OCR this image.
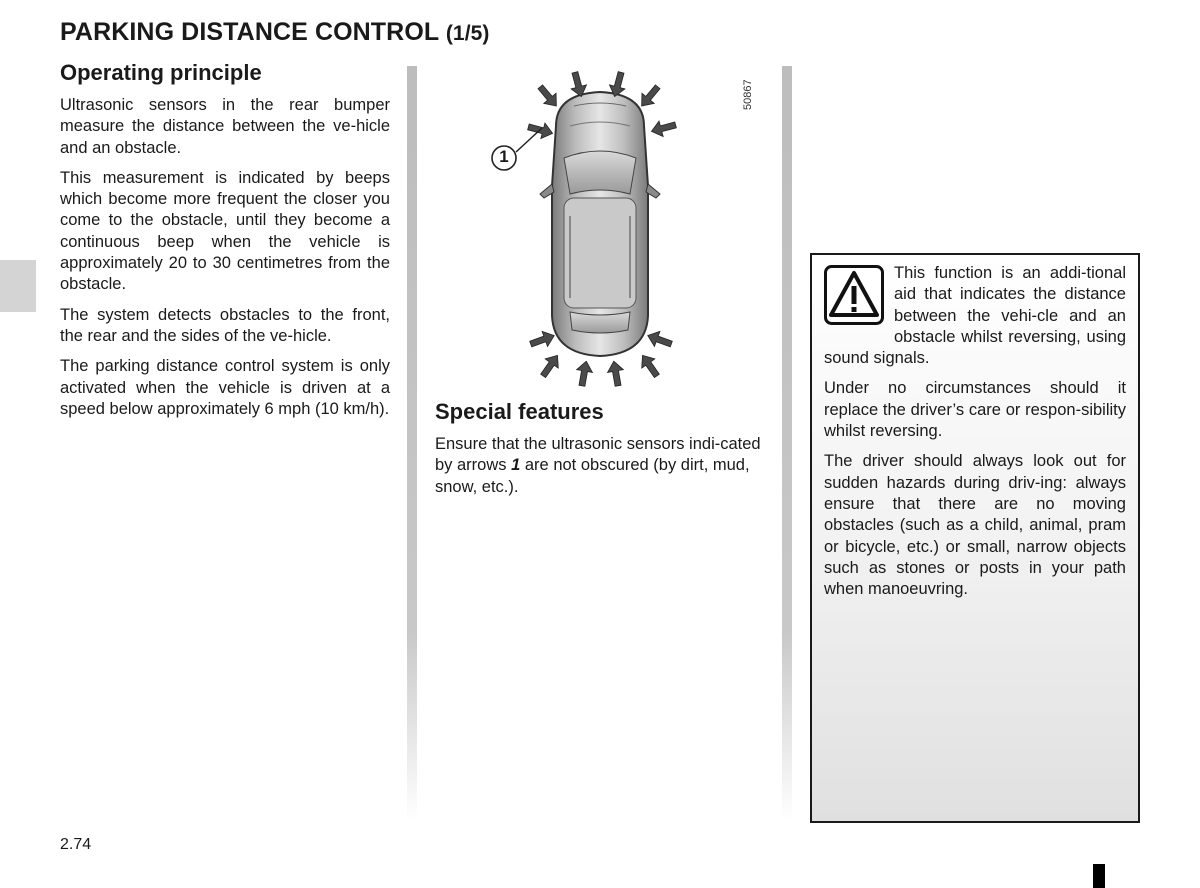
PARKING DISTANCE CONTROL (1/5)
Operating principle

Ultrasonic sensors in the rear bumper measure the distance between the ve-hicle and an obstacle.

This measurement is indicated by beeps which become more frequent the closer you come to the obstacle, until they become a continuous beep when the vehicle is approximately 20 to 30 centimetres from the obstacle.

The system detects obstacles to the front, the rear and the sides of the ve-hicle.

The parking distance control system is only activated when the vehicle is driven at a speed below approximately 6 mph (10 km/h).

1
50867
Special features

Ensure that the ultrasonic sensors indi-cated by arrows 1 are not obscured (by dirt, mud, snow, etc.).

This function is an addi-tional aid that indicates the distance between the vehi-cle and an obstacle whilst reversing, using sound signals.

Under no circumstances should it replace the driver’s care or respon-sibility whilst reversing.

The driver should always look out for sudden hazards during driv-ing: always ensure that there are no moving obstacles (such as a child, animal, pram or bicycle, etc.) or small, narrow objects such as stones or posts in your path when manoeuvring.

2.74
